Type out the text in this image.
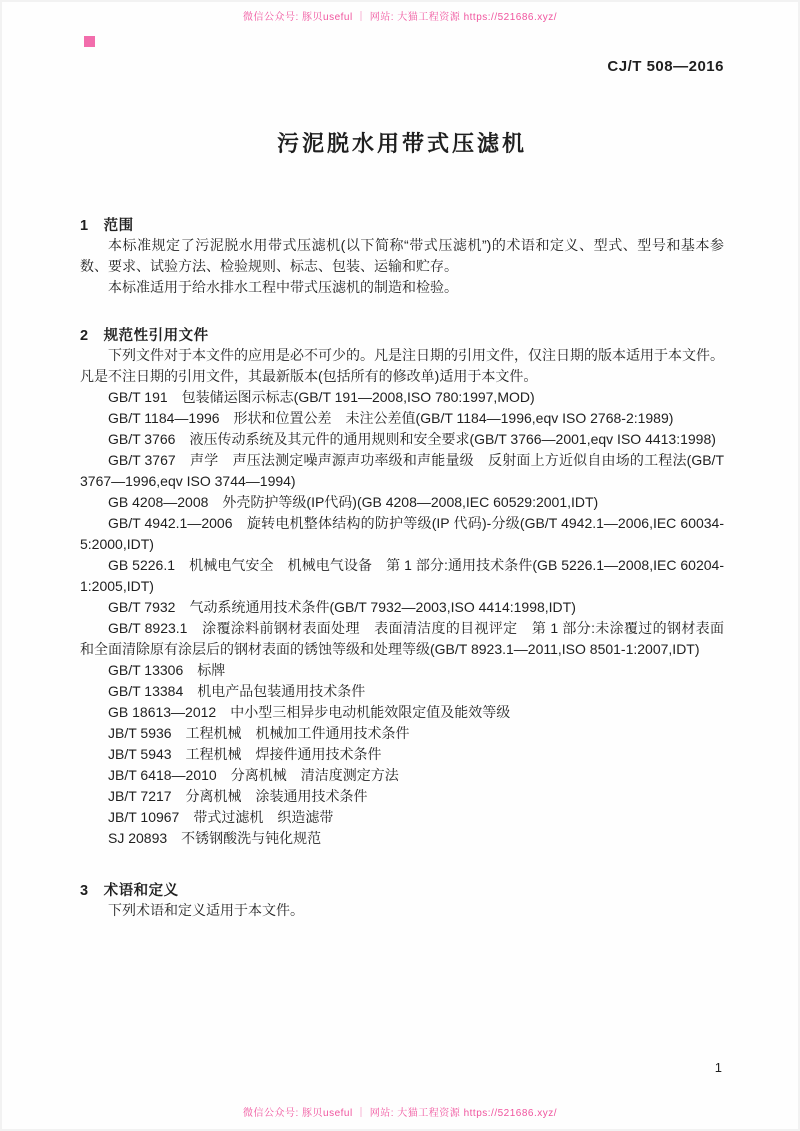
微信公众号: 豚贝useful ｜ 网站: 大猫工程资源 https://521686.xyz/
CJ/T 508—2016
污泥脱水用带式压滤机
1　范围

本标准规定了污泥脱水用带式压滤机(以下简称“带式压滤机”)的术语和定义、型式、型号和基本参数、要求、试验方法、检验规则、标志、包装、运输和贮存。

本标准适用于给水排水工程中带式压滤机的制造和检验。

2　规范性引用文件

下列文件对于本文件的应用是必不可少的。凡是注日期的引用文件，仅注日期的版本适用于本文件。凡是不注日期的引用文件，其最新版本(包括所有的修改单)适用于本文件。

GB/T 191　包装储运图示标志(GB/T 191—2008,ISO 780:1997,MOD)

GB/T 1184—1996　形状和位置公差　未注公差值(GB/T 1184—1996,eqv ISO 2768-2:1989)

GB/T 3766　液压传动系统及其元件的通用规则和安全要求(GB/T 3766—2001,eqv ISO 4413:1998)

GB/T 3767　声学　声压法测定噪声源声功率级和声能量级　反射面上方近似自由场的工程法(GB/T 3767—1996,eqv ISO 3744—1994)

GB 4208—2008　外壳防护等级(IP代码)(GB 4208—2008,IEC 60529:2001,IDT)

GB/T 4942.1—2006　旋转电机整体结构的防护等级(IP 代码)-分级(GB/T 4942.1—2006,IEC 60034-5:2000,IDT)

GB 5226.1　机械电气安全　机械电气设备　第 1 部分:通用技术条件(GB 5226.1—2008,IEC 60204-1:2005,IDT)

GB/T 7932　气动系统通用技术条件(GB/T 7932—2003,ISO 4414:1998,IDT)

GB/T 8923.1　涂覆涂料前钢材表面处理　表面清洁度的目视评定　第 1 部分:未涂覆过的钢材表面和全面清除原有涂层后的钢材表面的锈蚀等级和处理等级(GB/T 8923.1—2011,ISO 8501-1:2007,IDT)

GB/T 13306　标牌

GB/T 13384　机电产品包装通用技术条件

GB 18613—2012　中小型三相异步电动机能效限定值及能效等级

JB/T 5936　工程机械　机械加工件通用技术条件

JB/T 5943　工程机械　焊接件通用技术条件

JB/T 6418—2010　分离机械　清洁度测定方法

JB/T 7217　分离机械　涂装通用技术条件

JB/T 10967　带式过滤机　织造滤带

SJ 20893　不锈钢酸洗与钝化规范

3　术语和定义

下列术语和定义适用于本文件。

1
微信公众号: 豚贝useful ｜ 网站: 大猫工程资源 https://521686.xyz/
